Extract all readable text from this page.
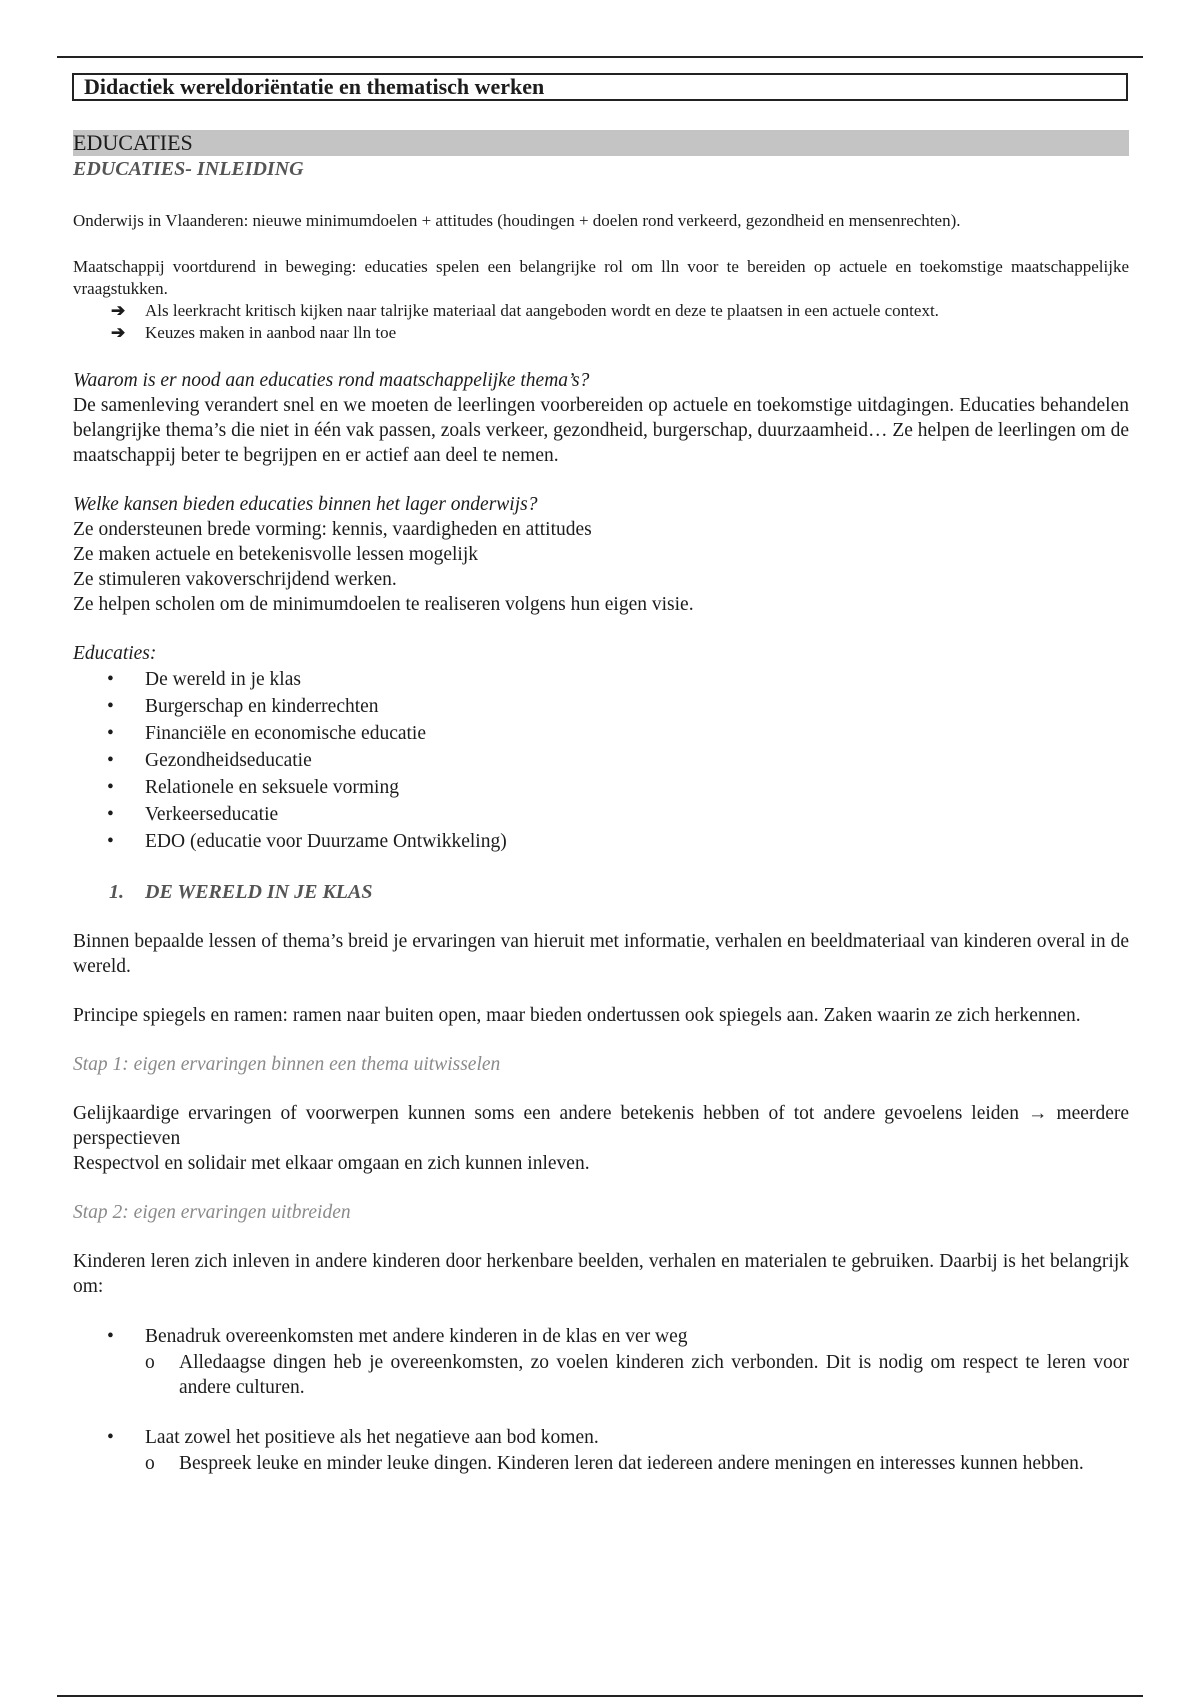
Didactiek wereldoriëntatie en thematisch werken
EDUCATIES
EDUCATIES- INLEIDING

Onderwijs in Vlaanderen: nieuwe minimumdoelen + attitudes (houdingen + doelen rond verkeerd, gezondheid en mensenrechten).

Maatschappij voortdurend in beweging: educaties spelen een belangrijke rol om lln voor te bereiden op actuele en toekomstige maatschappelijke vraagstukken.

➔ Als leerkracht kritisch kijken naar talrijke materiaal dat aangeboden wordt en deze te plaatsen in een actuele context.
➔ Keuzes maken in aanbod naar lln toe

Waarom is er nood aan educaties rond maatschappelijke thema’s?

De samenleving verandert snel en we moeten de leerlingen voorbereiden op actuele en toekomstige uitdagingen. Educaties behandelen belangrijke thema’s die niet in één vak passen, zoals verkeer, gezondheid, burgerschap, duurzaamheid… Ze helpen de leerlingen om de maatschappij beter te begrijpen en er actief aan deel te nemen.

Welke kansen bieden educaties binnen het lager onderwijs?

Ze ondersteunen brede vorming: kennis, vaardigheden en attitudes

Ze maken actuele en betekenisvolle lessen mogelijk

Ze stimuleren vakoverschrijdend werken.

Ze helpen scholen om de minimumdoelen te realiseren volgens hun eigen visie.

Educaties:

• De wereld in je klas
• Burgerschap en kinderrechten
• Financiële en economische educatie
• Gezondheidseducatie
• Relationele en seksuele vorming
• Verkeerseducatie
• EDO (educatie voor Duurzame Ontwikkeling)

1. DE WERELD IN JE KLAS

Binnen bepaalde lessen of thema’s breid je ervaringen van hieruit met informatie, verhalen en beeldmateriaal van kinderen overal in de wereld.

Principe spiegels en ramen: ramen naar buiten open, maar bieden ondertussen ook spiegels aan. Zaken waarin ze zich herkennen.

Stap 1: eigen ervaringen binnen een thema uitwisselen

Gelijkaardige ervaringen of voorwerpen kunnen soms een andere betekenis hebben of tot andere gevoelens leiden → meerdere perspectieven

Respectvol en solidair met elkaar omgaan en zich kunnen inleven.

Stap 2: eigen ervaringen uitbreiden

Kinderen leren zich inleven in andere kinderen door herkenbare beelden, verhalen en materialen te gebruiken. Daarbij is het belangrijk om:

• Benadruk overeenkomsten met andere kinderen in de klas en ver weg
o Alledaagse dingen heb je overeenkomsten, zo voelen kinderen zich verbonden. Dit is nodig om respect te leren voor andere culturen.
• Laat zowel het positieve als het negatieve aan bod komen.
o Bespreek leuke en minder leuke dingen. Kinderen leren dat iedereen andere meningen en interesses kunnen hebben.
